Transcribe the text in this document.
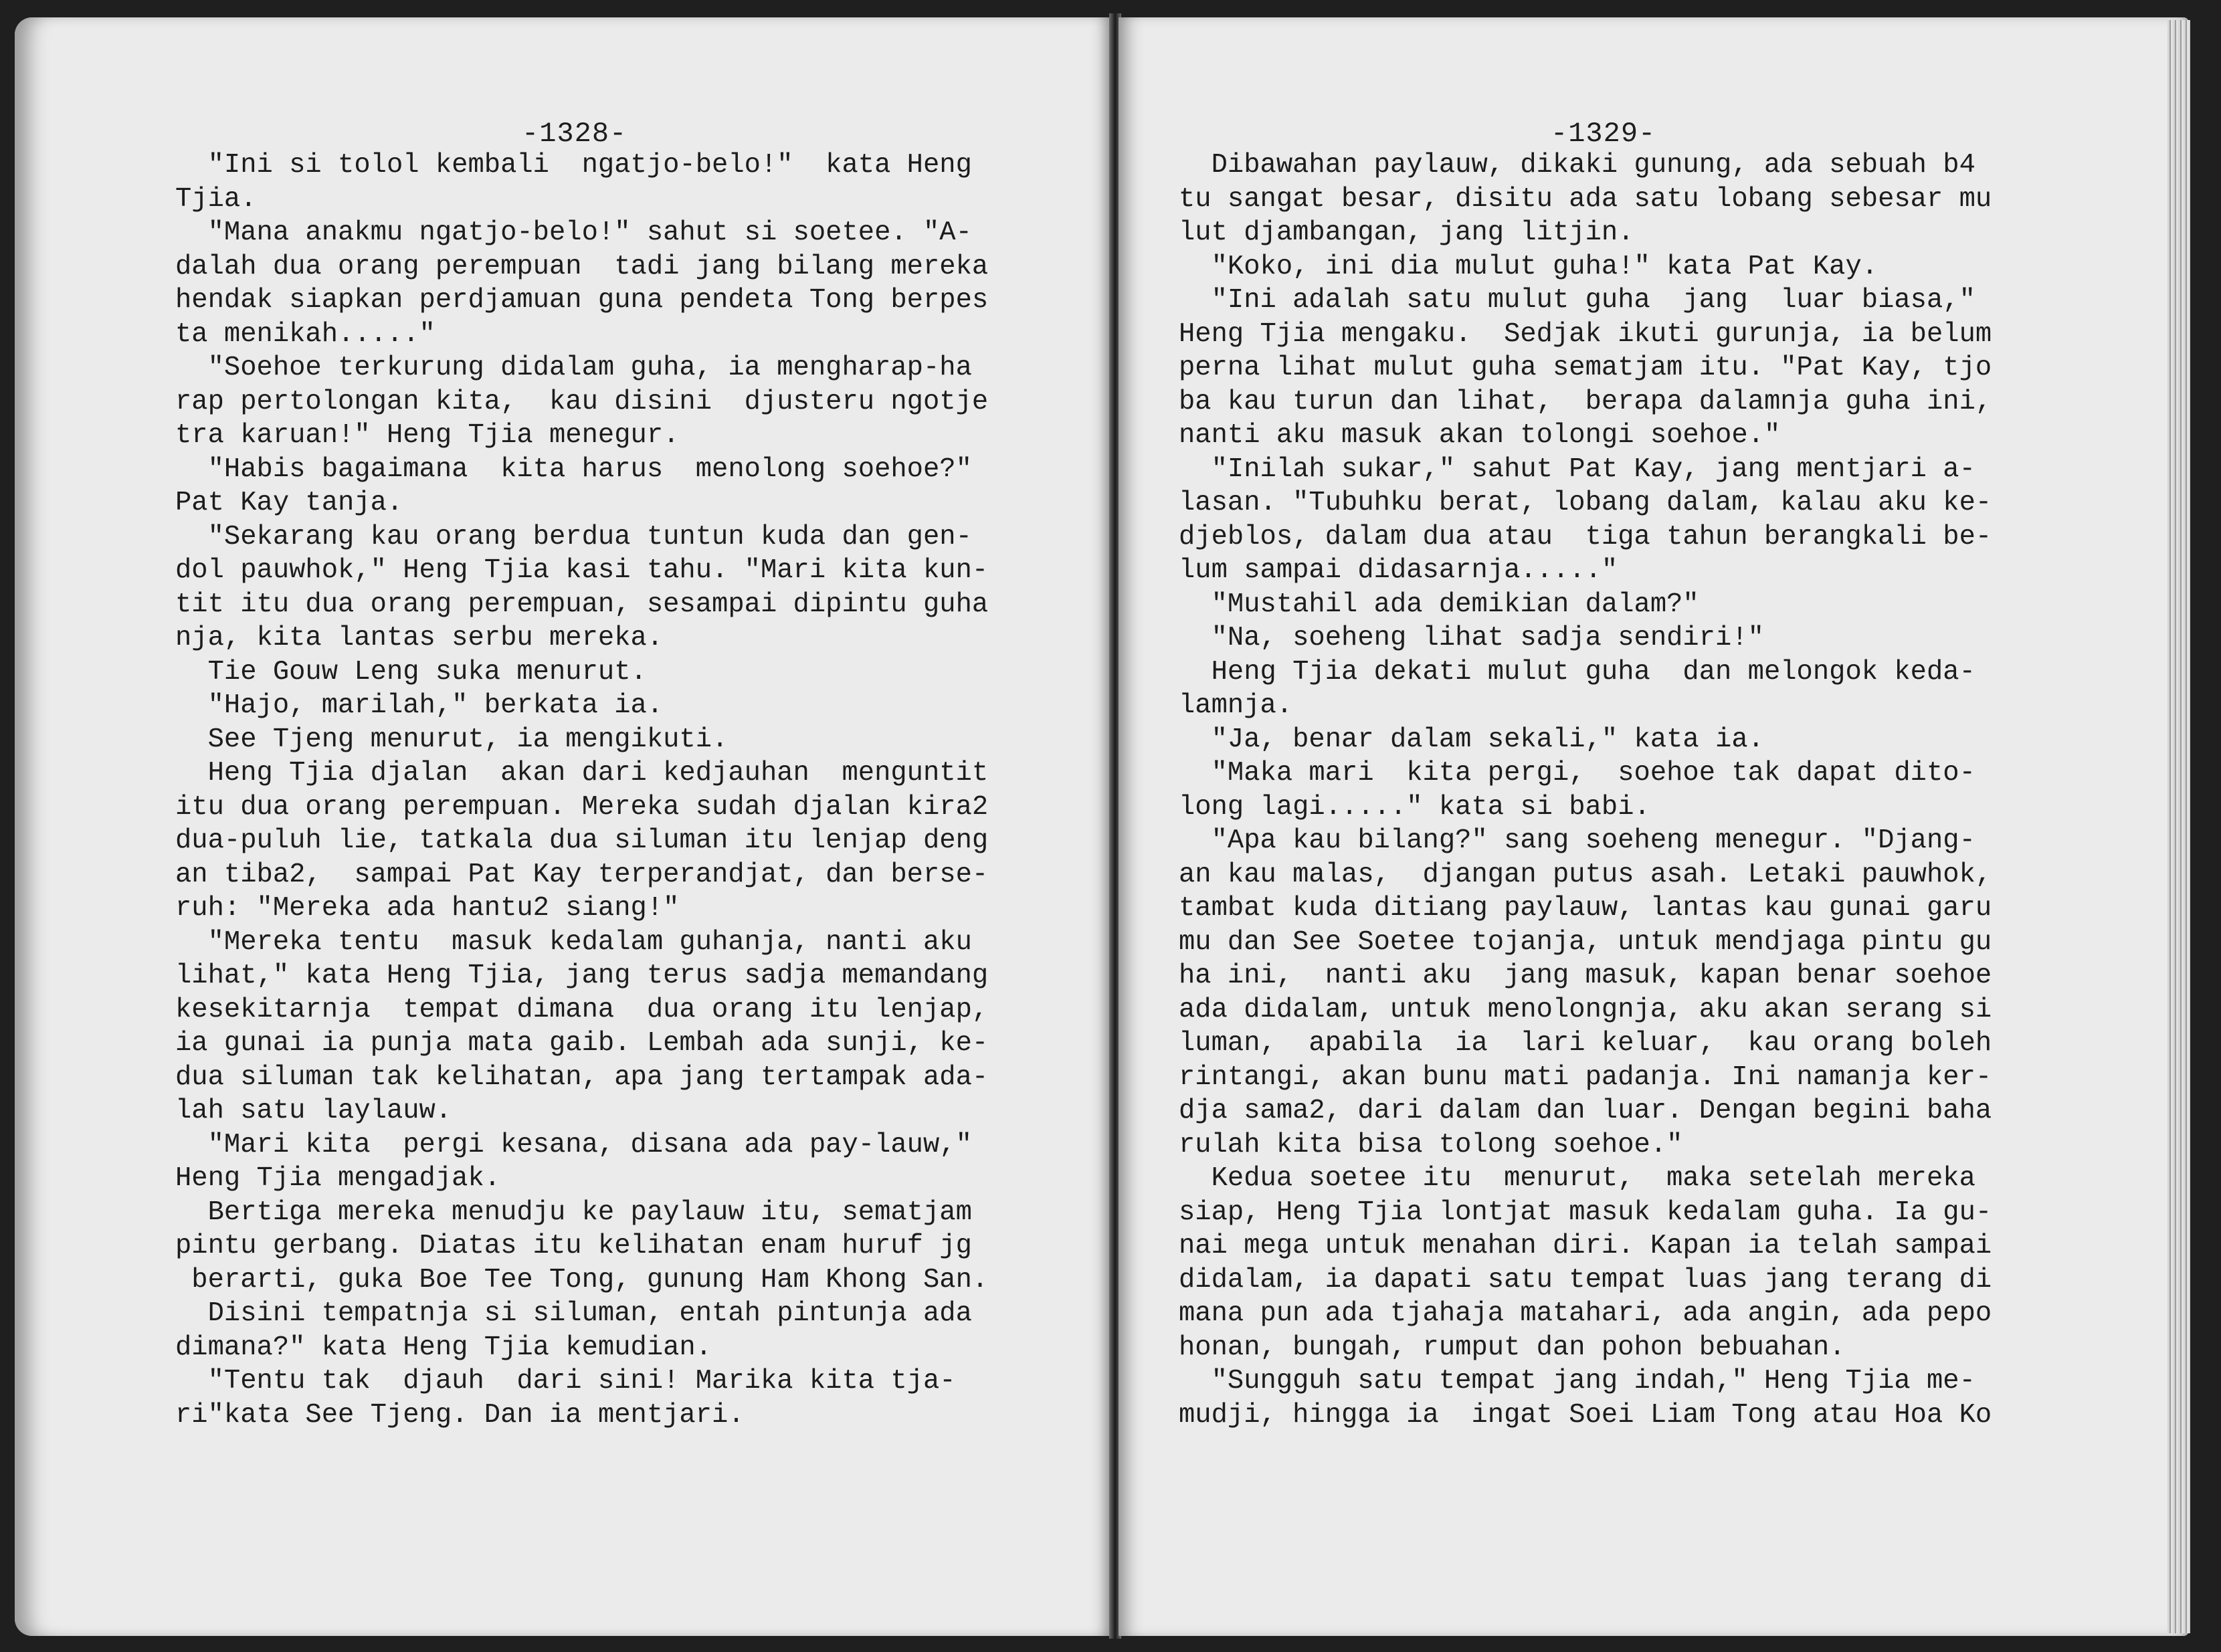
-1328-
"Ini si tolol kembali  ngatjo-belo!"  kata Heng
Tjia.
"Mana anakmu ngatjo-belo!" sahut si soetee. "A-
dalah dua orang perempuan  tadi jang bilang mereka
hendak siapkan perdjamuan guna pendeta Tong berpes
ta menikah....."
"Soehoe terkurung didalam guha, ia mengharap-ha
rap pertolongan kita,  kau disini  djusteru ngotje
tra karuan!" Heng Tjia menegur.
"Habis bagaimana  kita harus  menolong soehoe?"
Pat Kay tanja.
"Sekarang kau orang berdua tuntun kuda dan gen-
dol pauwhok," Heng Tjia kasi tahu. "Mari kita kun-
tit itu dua orang perempuan, sesampai dipintu guha
nja, kita lantas serbu mereka.
Tie Gouw Leng suka menurut.
"Hajo, marilah," berkata ia.
See Tjeng menurut, ia mengikuti.
Heng Tjia djalan  akan dari kedjauhan  menguntit
itu dua orang perempuan. Mereka sudah djalan kira2
dua-puluh lie, tatkala dua siluman itu lenjap deng
an tiba2,  sampai Pat Kay terperandjat, dan berse-
ruh: "Mereka ada hantu2 siang!"
"Mereka tentu  masuk kedalam guhanja, nanti aku
lihat," kata Heng Tjia, jang terus sadja memandang
kesekitarnja  tempat dimana  dua orang itu lenjap,
ia gunai ia punja mata gaib. Lembah ada sunji, ke-
dua siluman tak kelihatan, apa jang tertampak ada-
lah satu laylauw.
"Mari kita  pergi kesana, disana ada pay-lauw,"
Heng Tjia mengadjak.
Bertiga mereka menudju ke paylauw itu, sematjam
pintu gerbang. Diatas itu kelihatan enam huruf jg
berarti, guka Boe Tee Tong, gunung Ham Khong San.
Disini tempatnja si siluman, entah pintunja ada
dimana?" kata Heng Tjia kemudian.
"Tentu tak  djauh  dari sini! Marika kita tja-
ri"kata See Tjeng. Dan ia mentjari.
-1329-
Dibawahan paylauw, dikaki gunung, ada sebuah b4
tu sangat besar, disitu ada satu lobang sebesar mu
lut djambangan, jang litjin.
"Koko, ini dia mulut guha!" kata Pat Kay.
"Ini adalah satu mulut guha  jang  luar biasa,"
Heng Tjia mengaku.  Sedjak ikuti gurunja, ia belum
perna lihat mulut guha sematjam itu. "Pat Kay, tjo
ba kau turun dan lihat,  berapa dalamnja guha ini,
nanti aku masuk akan tolongi soehoe."
"Inilah sukar," sahut Pat Kay, jang mentjari a-
lasan. "Tubuhku berat, lobang dalam, kalau aku ke-
djeblos, dalam dua atau  tiga tahun berangkali be-
lum sampai didasarnja....."
"Mustahil ada demikian dalam?"
"Na, soeheng lihat sadja sendiri!"
Heng Tjia dekati mulut guha  dan melongok keda-
lamnja.
"Ja, benar dalam sekali," kata ia.
"Maka mari  kita pergi,  soehoe tak dapat dito-
long lagi....." kata si babi.
"Apa kau bilang?" sang soeheng menegur. "Djang-
an kau malas,  djangan putus asah. Letaki pauwhok,
tambat kuda ditiang paylauw, lantas kau gunai garu
mu dan See Soetee tojanja, untuk mendjaga pintu gu
ha ini,  nanti aku  jang masuk, kapan benar soehoe
ada didalam, untuk menolongnja, aku akan serang si
luman,  apabila  ia  lari keluar,  kau orang boleh
rintangi, akan bunu mati padanja. Ini namanja ker-
dja sama2, dari dalam dan luar. Dengan begini baha
rulah kita bisa tolong soehoe."
Kedua soetee itu  menurut,  maka setelah mereka
siap, Heng Tjia lontjat masuk kedalam guha. Ia gu-
nai mega untuk menahan diri. Kapan ia telah sampai
didalam, ia dapati satu tempat luas jang terang di
mana pun ada tjahaja matahari, ada angin, ada pepo
honan, bungah, rumput dan pohon bebuahan.
"Sungguh satu tempat jang indah," Heng Tjia me-
mudji, hingga ia  ingat Soei Liam Tong atau Hoa Ko
